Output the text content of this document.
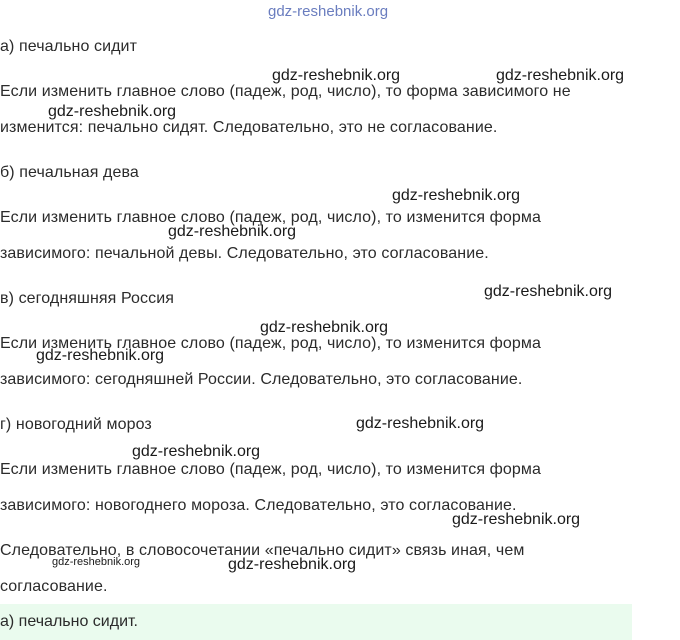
gdz-reshebnik.org
а) печально сидит
Если изменить главное слово (падеж, род, число), то форма зависимого не
изменится: печально сидят. Следовательно, это не согласование.
б) печальная дева
Если изменить главное слово (падеж, род, число), то изменится форма
зависимого: печальной девы. Следовательно, это согласование.
в) сегодняшняя Россия
Если изменить главное слово (падеж, род, число), то изменится форма
зависимого: сегодняшней России. Следовательно, это согласование.
г) новогодний мороз
Если изменить главное слово (падеж, род, число), то изменится форма
зависимого: новогоднего мороза. Следовательно, это согласование.
Следовательно, в словосочетании «печально сидит» связь иная, чем
согласование.
а) печально сидит.
gdz-reshebnik.org	gdz-reshebnik.org
gdz-reshebnik.org
gdz-reshebnik.org
gdz-reshebnik.org
gdz-reshebnik.org
gdz-reshebnik.org
gdz-reshebnik.org
gdz-reshebnik.org
gdz-reshebnik.org
gdz-reshebnik.org
gdz-reshebnik.org	gdz-reshebnik.org
